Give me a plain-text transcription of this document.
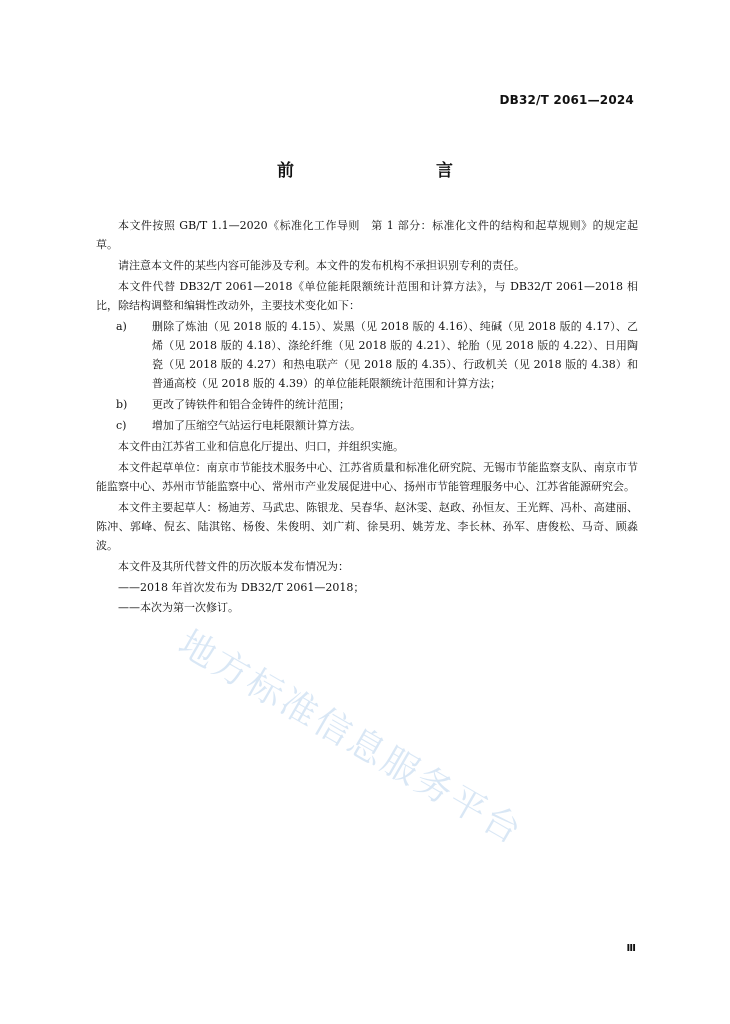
DB32/T 2061—2024
前　　言

本文件按照 GB/T 1.1—2020《标准化工作导则　第 1 部分：标准化文件的结构和起草规则》的规定起草。

请注意本文件的某些内容可能涉及专利。本文件的发布机构不承担识别专利的责任。

本文件代替 DB32/T 2061—2018《单位能耗限额统计范围和计算方法》，与 DB32/T 2061—2018 相比，除结构调整和编辑性改动外，主要技术变化如下：

a)	删除了炼油（见 2018 版的 4.15）、炭黑（见 2018 版的 4.16）、纯碱（见 2018 版的 4.17）、乙烯（见 2018 版的 4.18）、涤纶纤维（见 2018 版的 4.21）、轮胎（见 2018 版的 4.22）、日用陶瓷（见 2018 版的 4.27）和热电联产（见 2018 版的 4.35）、行政机关（见 2018 版的 4.38）和普通高校（见 2018 版的 4.39）的单位能耗限额统计范围和计算方法；
b)	更改了铸铁件和铝合金铸件的统计范围；
c)	增加了压缩空气站运行电耗限额计算方法。

本文件由江苏省工业和信息化厅提出、归口，并组织实施。

本文件起草单位：南京市节能技术服务中心、江苏省质量和标准化研究院、无锡市节能监察支队、南京市节能监察中心、苏州市节能监察中心、常州市产业发展促进中心、扬州市节能管理服务中心、江苏省能源研究会。

本文件主要起草人：杨迪芳、马武忠、陈银龙、吴春华、赵沐雯、赵政、孙恒友、王光辉、冯朴、高建丽、陈冲、郭峰、倪玄、陆淇铭、杨俊、朱俊明、刘广莉、徐昊玥、姚芳龙、李长林、孙军、唐俊松、马奇、顾淼波。

本文件及其所代替文件的历次版本发布情况为：

——2018 年首次发布为 DB32/T 2061—2018；

——本次为第一次修订。

地方标准信息服务平台
Ⅲ
